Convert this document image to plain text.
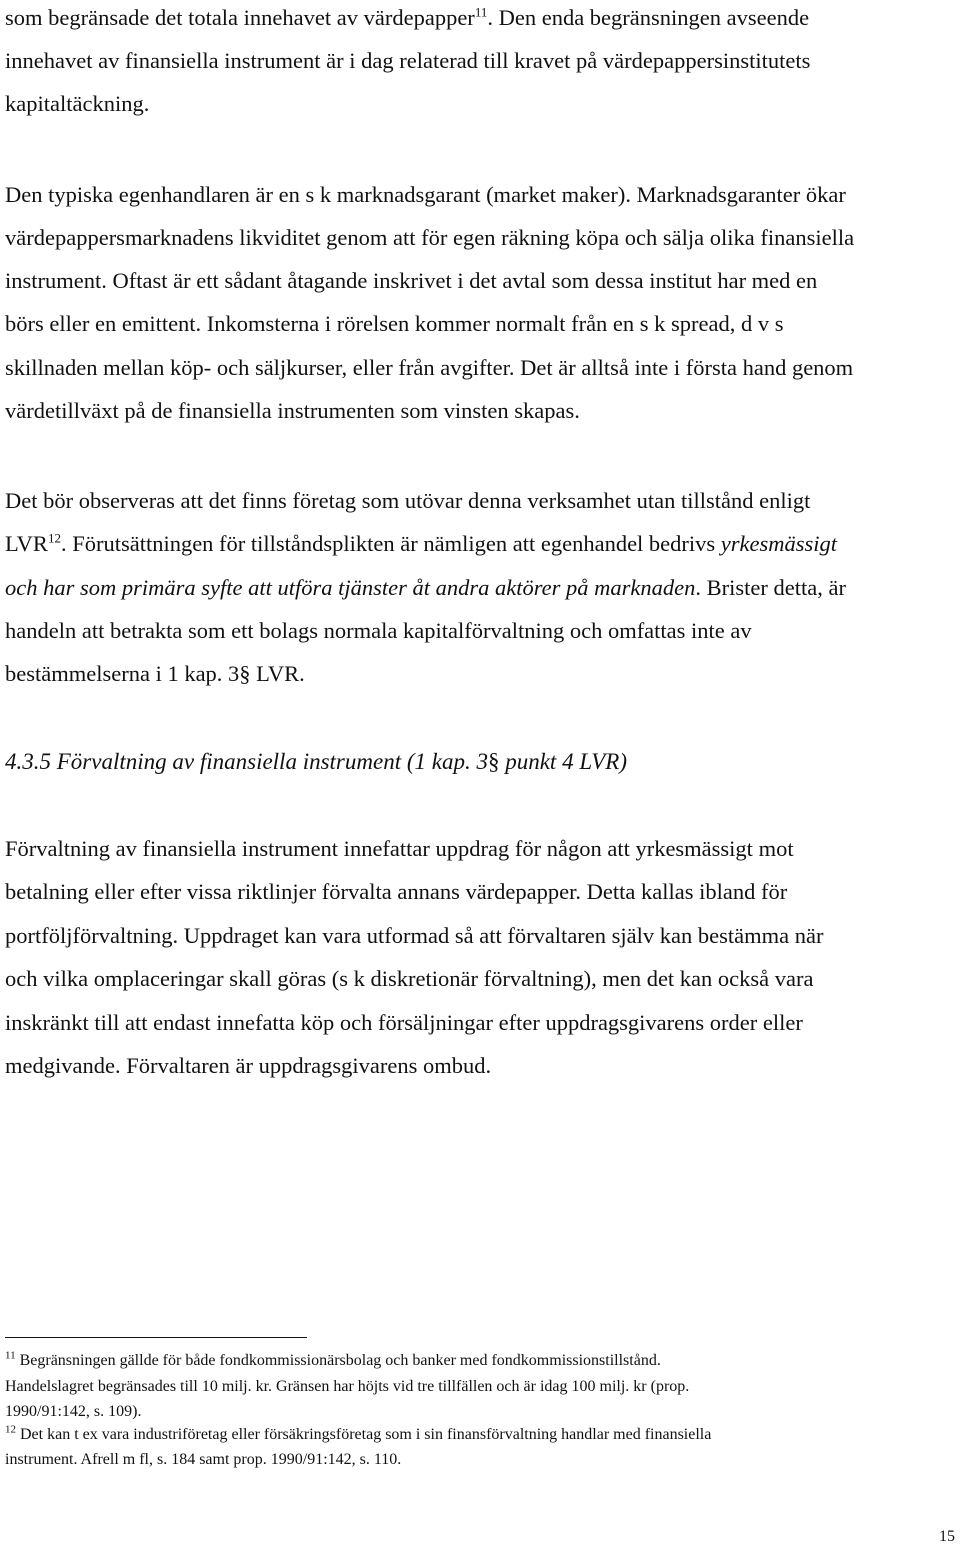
som begränsade det totala innehavet av värdepapper$^{11}$. Den enda begränsningen avseende
innehavet av finansiella instrument är i dag relaterad till kravet på värdepappersinstitutets
kapitaltäckning.
Den typiska egenhandlaren är en s k marknadsgarant (market maker). Marknadsgaranter ökar
värdepappersmarknadens likviditet genom att för egen räkning köpa och sälja olika finansiella
instrument. Oftast är ett sådant åtagande inskrivet i det avtal som dessa institut har med en
börs eller en emittent. Inkomsterna i rörelsen kommer normalt från en s k spread, d v s
skillnaden mellan köp- och säljkurser, eller från avgifter. Det är alltså inte i första hand genom
värdetillväxt på de finansiella instrumenten som vinsten skapas.
Det bör observeras att det finns företag som utövar denna verksamhet utan tillstånd enligt
LVR$^{12}$. Förutsättningen för tillståndsplikten är nämligen att egenhandel bedrivs yrkesmässigt
och har som primära syfte att utföra tjänster åt andra aktörer på marknaden. Brister detta, är
handeln att betrakta som ett bolags normala kapitalförvaltning och omfattas inte av
bestämmelserna i 1 kap. 3§ LVR.
4.3.5 Förvaltning av finansiella instrument (1 kap. 3§ punkt 4 LVR)
Förvaltning av finansiella instrument innefattar uppdrag för någon att yrkesmässigt mot
betalning eller efter vissa riktlinjer förvalta annans värdepapper. Detta kallas ibland för
portföljförvaltning. Uppdraget kan vara utformad så att förvaltaren själv kan bestämma när
och vilka omplaceringar skall göras (s k diskretionär förvaltning), men det kan också vara
inskränkt till att endast innefatta köp och försäljningar efter uppdragsgivarens order eller
medgivande. Förvaltaren är uppdragsgivarens ombud.
$^{11}$ Begränsningen gällde för både fondkommissionärsbolag och banker med fondkommissionstillstånd.
Handelslagret begränsades till 10 milj. kr. Gränsen har höjts vid tre tillfällen och är idag 100 milj. kr (prop.
1990/91:142, s. 109).
$^{12}$ Det kan t ex vara industriföretag eller försäkringsföretag som i sin finansförvaltning handlar med finansiella
instrument. Afrell m fl, s. 184 samt prop. 1990/91:142, s. 110.
15
